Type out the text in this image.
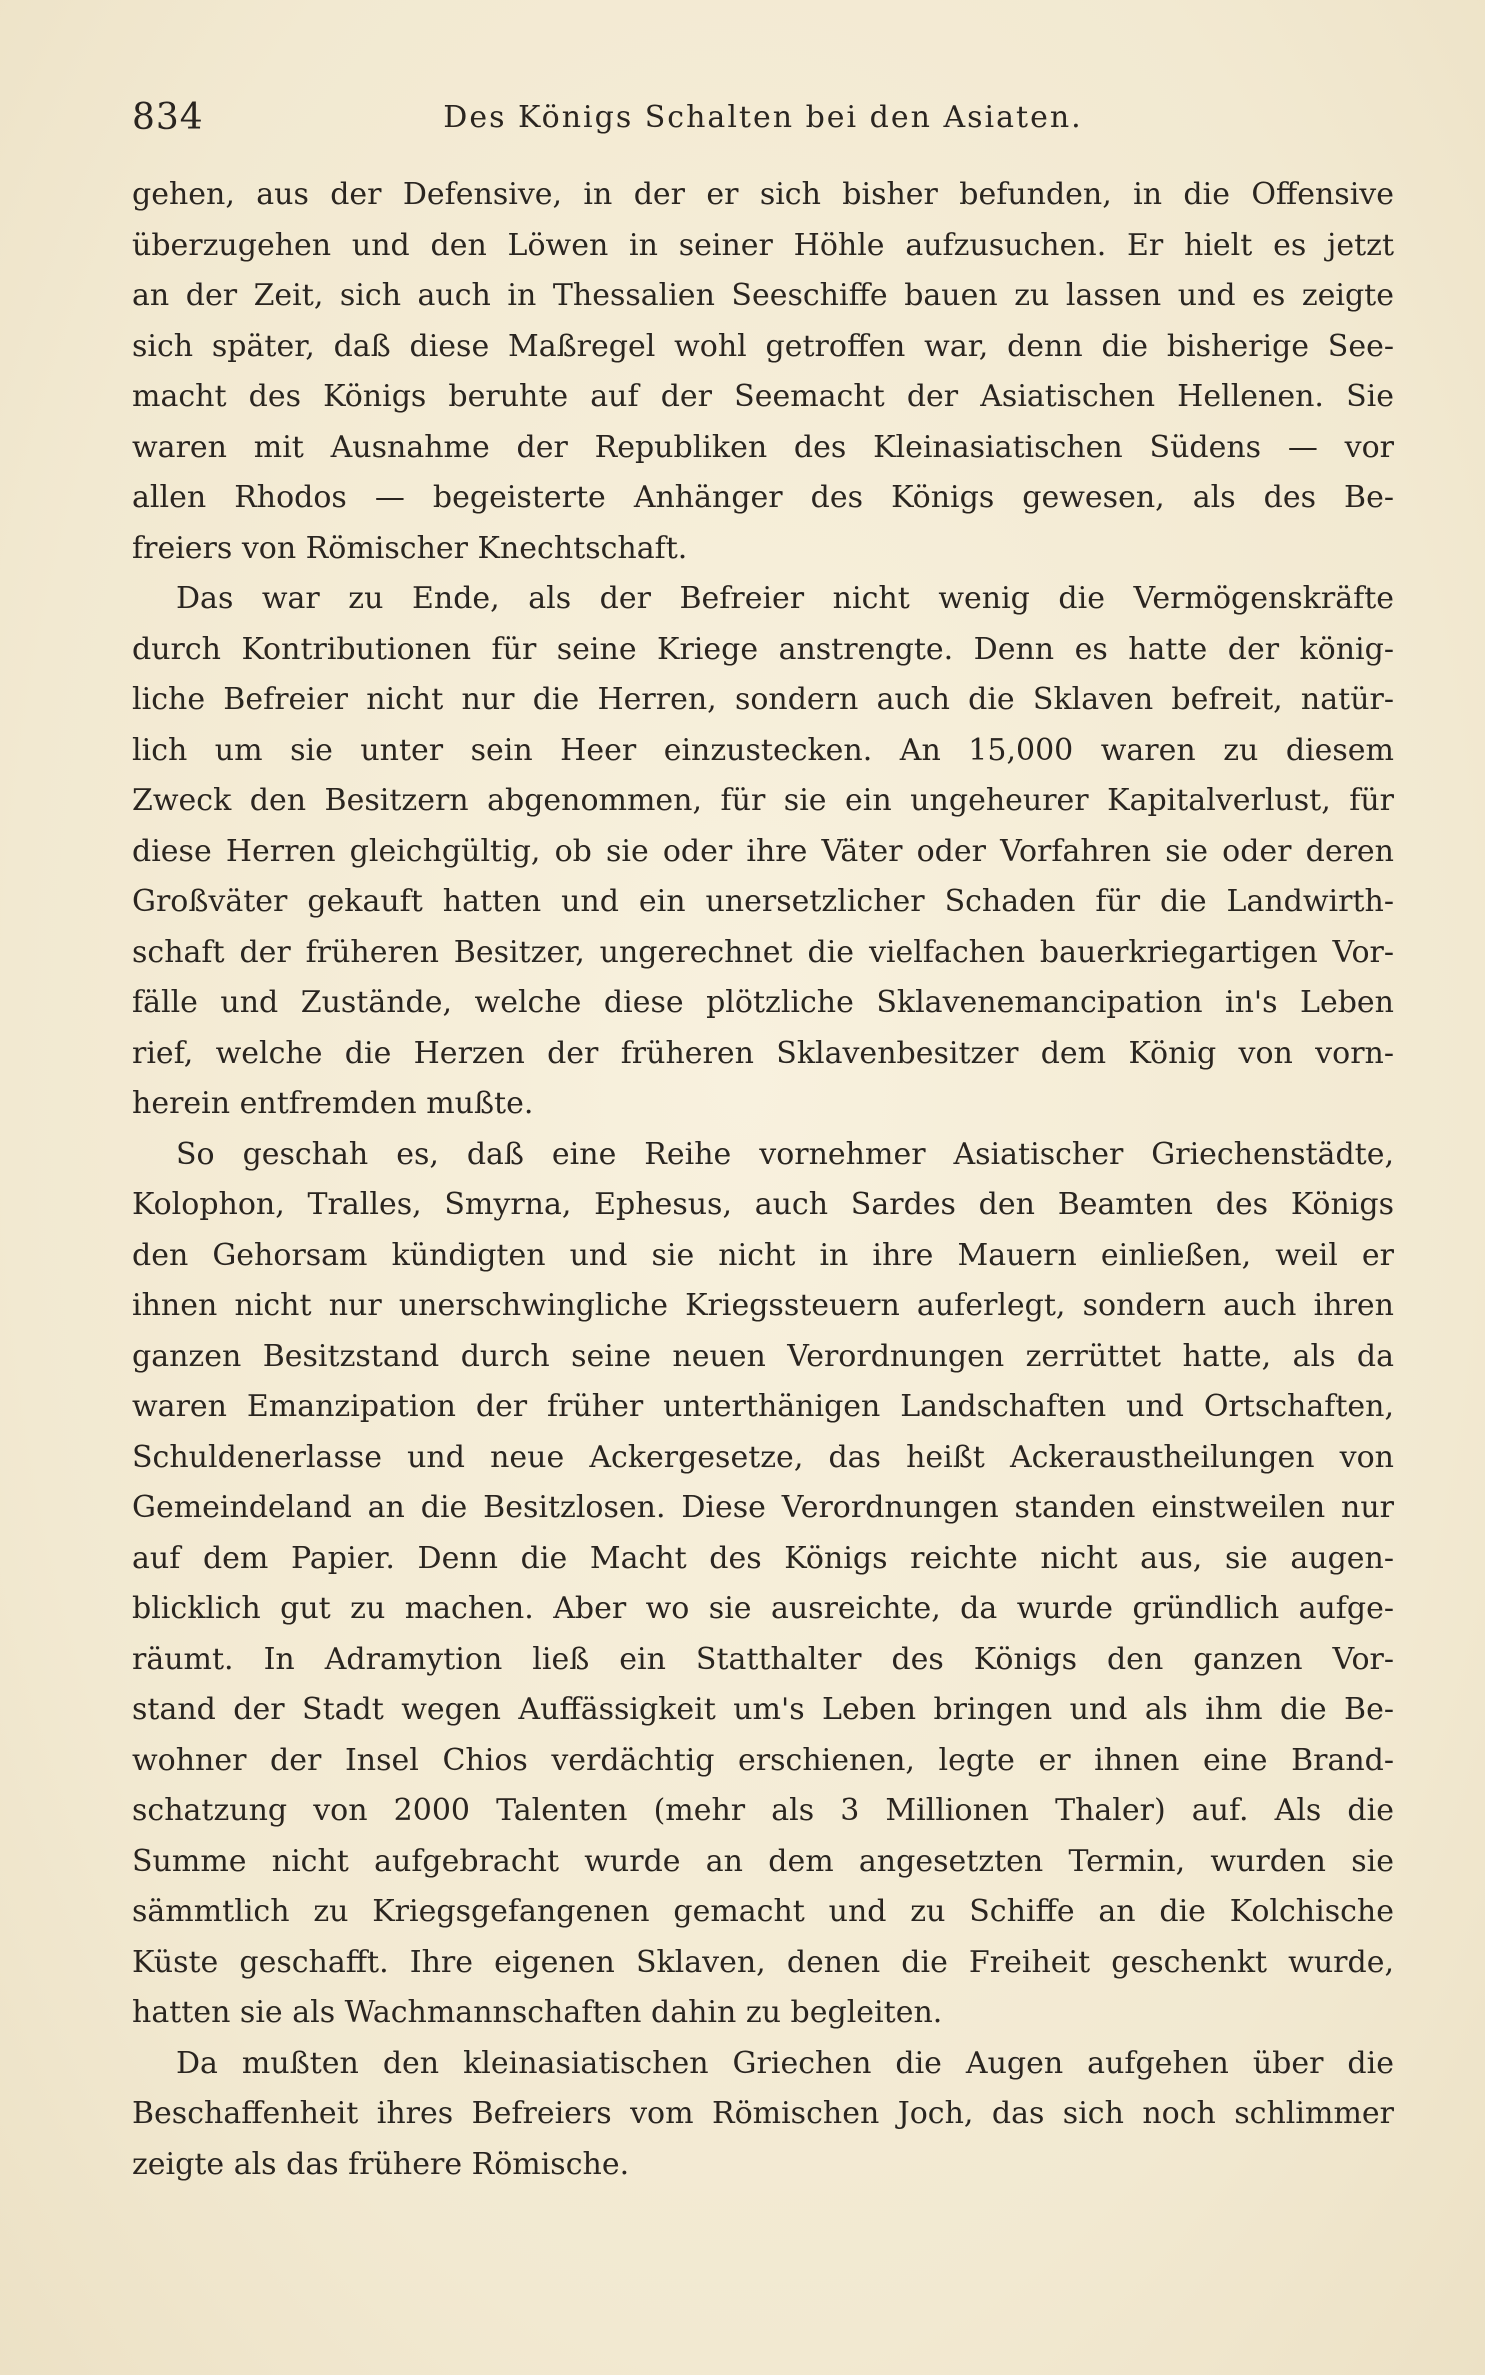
834	Des Königs Schalten bei den Asiaten.
gehen, aus der Defensive, in der er sich bisher befunden, in die Offensive
überzugehen und den Löwen in seiner Höhle aufzusuchen. Er hielt es jetzt
an der Zeit, sich auch in Thessalien Seeschiffe bauen zu lassen und es zeigte
sich später, daß diese Maßregel wohl getroffen war, denn die bisherige See-
macht des Königs beruhte auf der Seemacht der Asiatischen Hellenen. Sie
waren mit Ausnahme der Republiken des Kleinasiatischen Südens — vor
allen Rhodos — begeisterte Anhänger des Königs gewesen, als des Be-
freiers von Römischer Knechtschaft.
Das war zu Ende, als der Befreier nicht wenig die Vermögenskräfte
durch Kontributionen für seine Kriege anstrengte. Denn es hatte der könig-
liche Befreier nicht nur die Herren, sondern auch die Sklaven befreit, natür-
lich um sie unter sein Heer einzustecken. An 15,000 waren zu diesem
Zweck den Besitzern abgenommen, für sie ein ungeheurer Kapitalverlust, für
diese Herren gleichgültig, ob sie oder ihre Väter oder Vorfahren sie oder deren
Großväter gekauft hatten und ein unersetzlicher Schaden für die Landwirth-
schaft der früheren Besitzer, ungerechnet die vielfachen bauerkriegartigen Vor-
fälle und Zustände, welche diese plötzliche Sklavenemancipation in's Leben
rief, welche die Herzen der früheren Sklavenbesitzer dem König von vorn-
herein entfremden mußte.
So geschah es, daß eine Reihe vornehmer Asiatischer Griechenstädte,
Kolophon, Tralles, Smyrna, Ephesus, auch Sardes den Beamten des Königs
den Gehorsam kündigten und sie nicht in ihre Mauern einließen, weil er
ihnen nicht nur unerschwingliche Kriegssteuern auferlegt, sondern auch ihren
ganzen Besitzstand durch seine neuen Verordnungen zerrüttet hatte, als da
waren Emanzipation der früher unterthänigen Landschaften und Ortschaften,
Schuldenerlasse und neue Ackergesetze, das heißt Ackeraustheilungen von
Gemeindeland an die Besitzlosen. Diese Verordnungen standen einstweilen nur
auf dem Papier. Denn die Macht des Königs reichte nicht aus, sie augen-
blicklich gut zu machen. Aber wo sie ausreichte, da wurde gründlich aufge-
räumt. In Adramytion ließ ein Statthalter des Königs den ganzen Vor-
stand der Stadt wegen Auffässigkeit um's Leben bringen und als ihm die Be-
wohner der Insel Chios verdächtig erschienen, legte er ihnen eine Brand-
schatzung von 2000 Talenten (mehr als 3 Millionen Thaler) auf. Als die
Summe nicht aufgebracht wurde an dem angesetzten Termin, wurden sie
sämmtlich zu Kriegsgefangenen gemacht und zu Schiffe an die Kolchische
Küste geschafft. Ihre eigenen Sklaven, denen die Freiheit geschenkt wurde,
hatten sie als Wachmannschaften dahin zu begleiten.
Da mußten den kleinasiatischen Griechen die Augen aufgehen über die
Beschaffenheit ihres Befreiers vom Römischen Joch, das sich noch schlimmer
zeigte als das frühere Römische.
